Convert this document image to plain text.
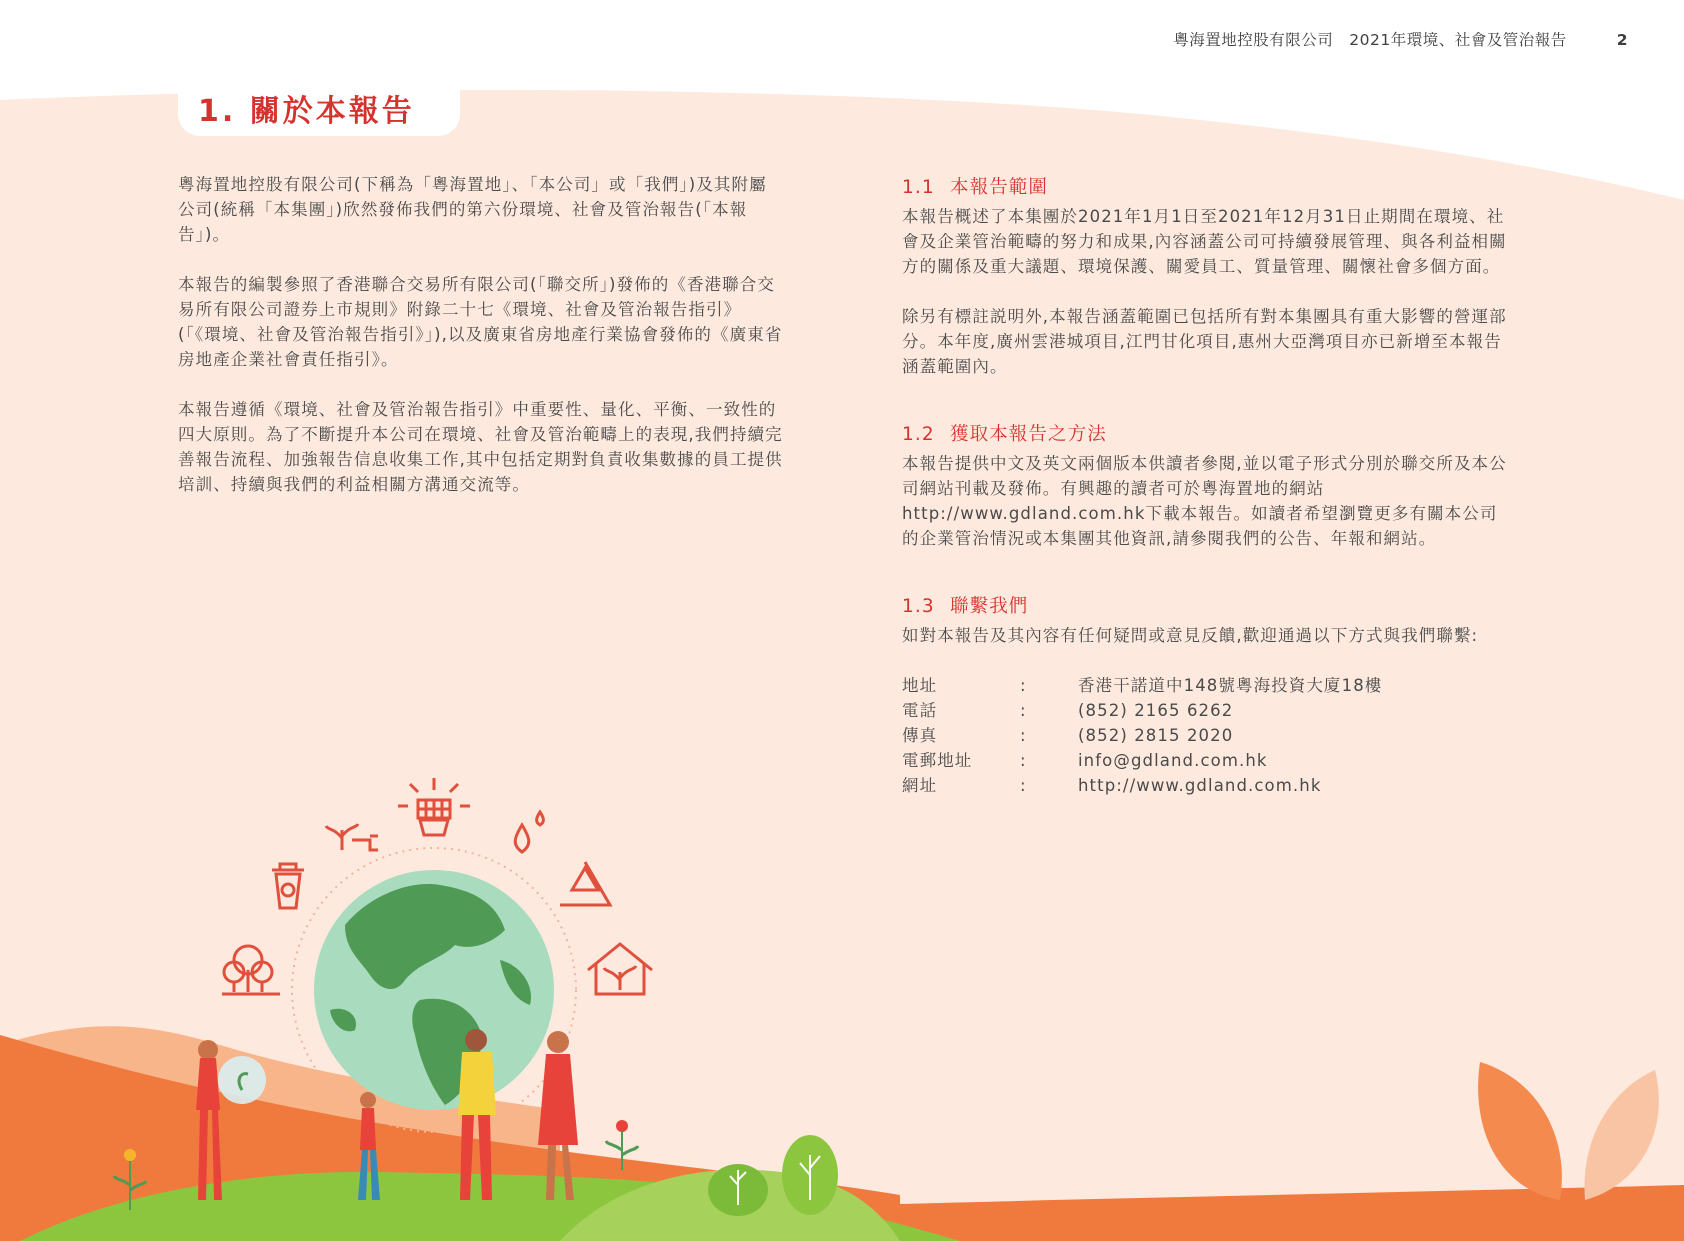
粵海置地控股有限公司 2021年環境、社會及管治報告	2
1. 關於本報告

粵海置地控股有限公司(下稱為「粵海置地」、「本公司」或「我們」)及其附屬公司(統稱「本集團」)欣然發佈我們的第六份環境、社會及管治報告(「本報告」)。

本報告的編製參照了香港聯合交易所有限公司(「聯交所」)發佈的《香港聯合交易所有限公司證券上市規則》附錄二十七《環境、社會及管治報告指引》(「《環境、社會及管治報告指引》」),以及廣東省房地產行業協會發佈的《廣東省房地產企業社會責任指引》。

本報告遵循《環境、社會及管治報告指引》中重要性、量化、平衡、一致性的四大原則。為了不斷提升本公司在環境、社會及管治範疇上的表現,我們持續完善報告流程、加強報告信息收集工作,其中包括定期對負責收集數據的員工提供培訓、持續與我們的利益相關方溝通交流等。

1.1 本報告範圍

本報告概述了本集團於2021年1月1日至2021年12月31日止期間在環境、社會及企業管治範疇的努力和成果,內容涵蓋公司可持續發展管理、與各利益相關方的關係及重大議題、環境保護、關愛員工、質量管理、關懷社會多個方面。

除另有標註説明外,本報告涵蓋範圍已包括所有對本集團具有重大影響的營運部分。本年度,廣州雲港城項目,江門甘化項目,惠州大亞灣項目亦已新增至本報告涵蓋範圍內。

1.2 獲取本報告之方法

本報告提供中文及英文兩個版本供讀者參閱,並以電子形式分別於聯交所及本公司網站刊載及發佈。有興趣的讀者可於粵海置地的網站http://www.gdland.com.hk下載本報告。如讀者希望瀏覽更多有關本公司的企業管治情況或本集團其他資訊,請參閱我們的公告、年報和網站。

1.3 聯繫我們

如對本報告及其內容有任何疑問或意見反饋,歡迎通過以下方式與我們聯繫:

地址	:	香港干諾道中148號粵海投資大廈18樓
電話	:	(852) 2165 6262
傳真	:	(852) 2815 2020
電郵地址	:	info@gdland.com.hk
網址	:	http://www.gdland.com.hk
